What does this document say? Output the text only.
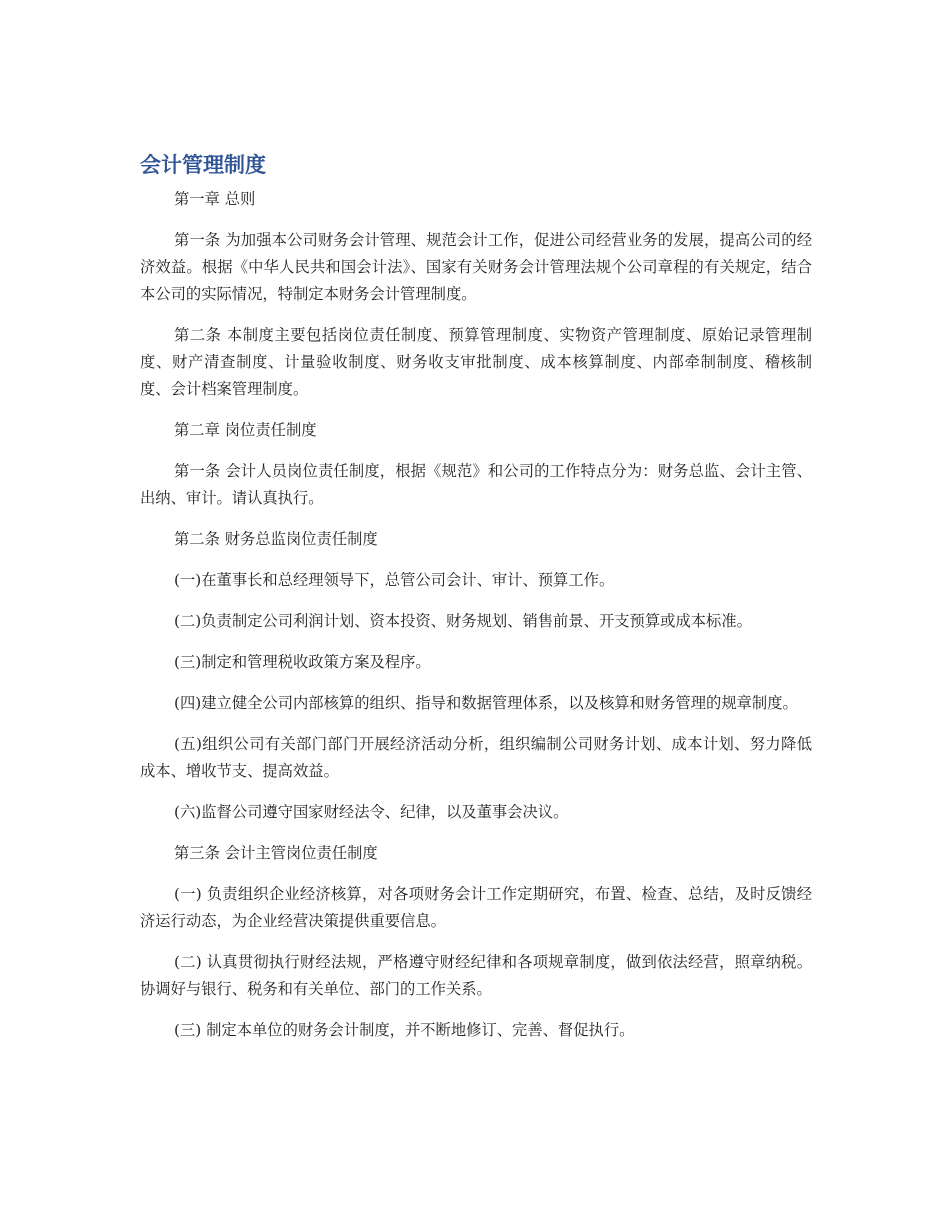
会计管理制度

第一章 总则

第一条 为加强本公司财务会计管理、规范会计工作，促进公司经营业务的发展，提高公司的经济效益。根据《中华人民共和国会计法》、国家有关财务会计管理法规个公司章程的有关规定，结合本公司的实际情况，特制定本财务会计管理制度。

第二条 本制度主要包括岗位责任制度、预算管理制度、实物资产管理制度、原始记录管理制度、财产清查制度、计量验收制度、财务收支审批制度、成本核算制度、内部牵制制度、稽核制度、会计档案管理制度。

第二章 岗位责任制度

第一条 会计人员岗位责任制度，根据《规范》和公司的工作特点分为：财务总监、会计主管、出纳、审计。请认真执行。

第二条 财务总监岗位责任制度

(一)在董事长和总经理领导下，总管公司会计、审计、预算工作。

(二)负责制定公司利润计划、资本投资、财务规划、销售前景、开支预算或成本标准。

(三)制定和管理税收政策方案及程序。

(四)建立健全公司内部核算的组织、指导和数据管理体系，以及核算和财务管理的规章制度。

(五)组织公司有关部门部门开展经济活动分析，组织编制公司财务计划、成本计划、努力降低成本、增收节支、提高效益。

(六)监督公司遵守国家财经法令、纪律，以及董事会决议。

第三条 会计主管岗位责任制度

(一) 负责组织企业经济核算，对各项财务会计工作定期研究，布置、检查、总结，及时反馈经济运行动态，为企业经营决策提供重要信息。

(二) 认真贯彻执行财经法规，严格遵守财经纪律和各项规章制度，做到依法经营，照章纳税。协调好与银行、税务和有关单位、部门的工作关系。

(三) 制定本单位的财务会计制度，并不断地修订、完善、督促执行。
